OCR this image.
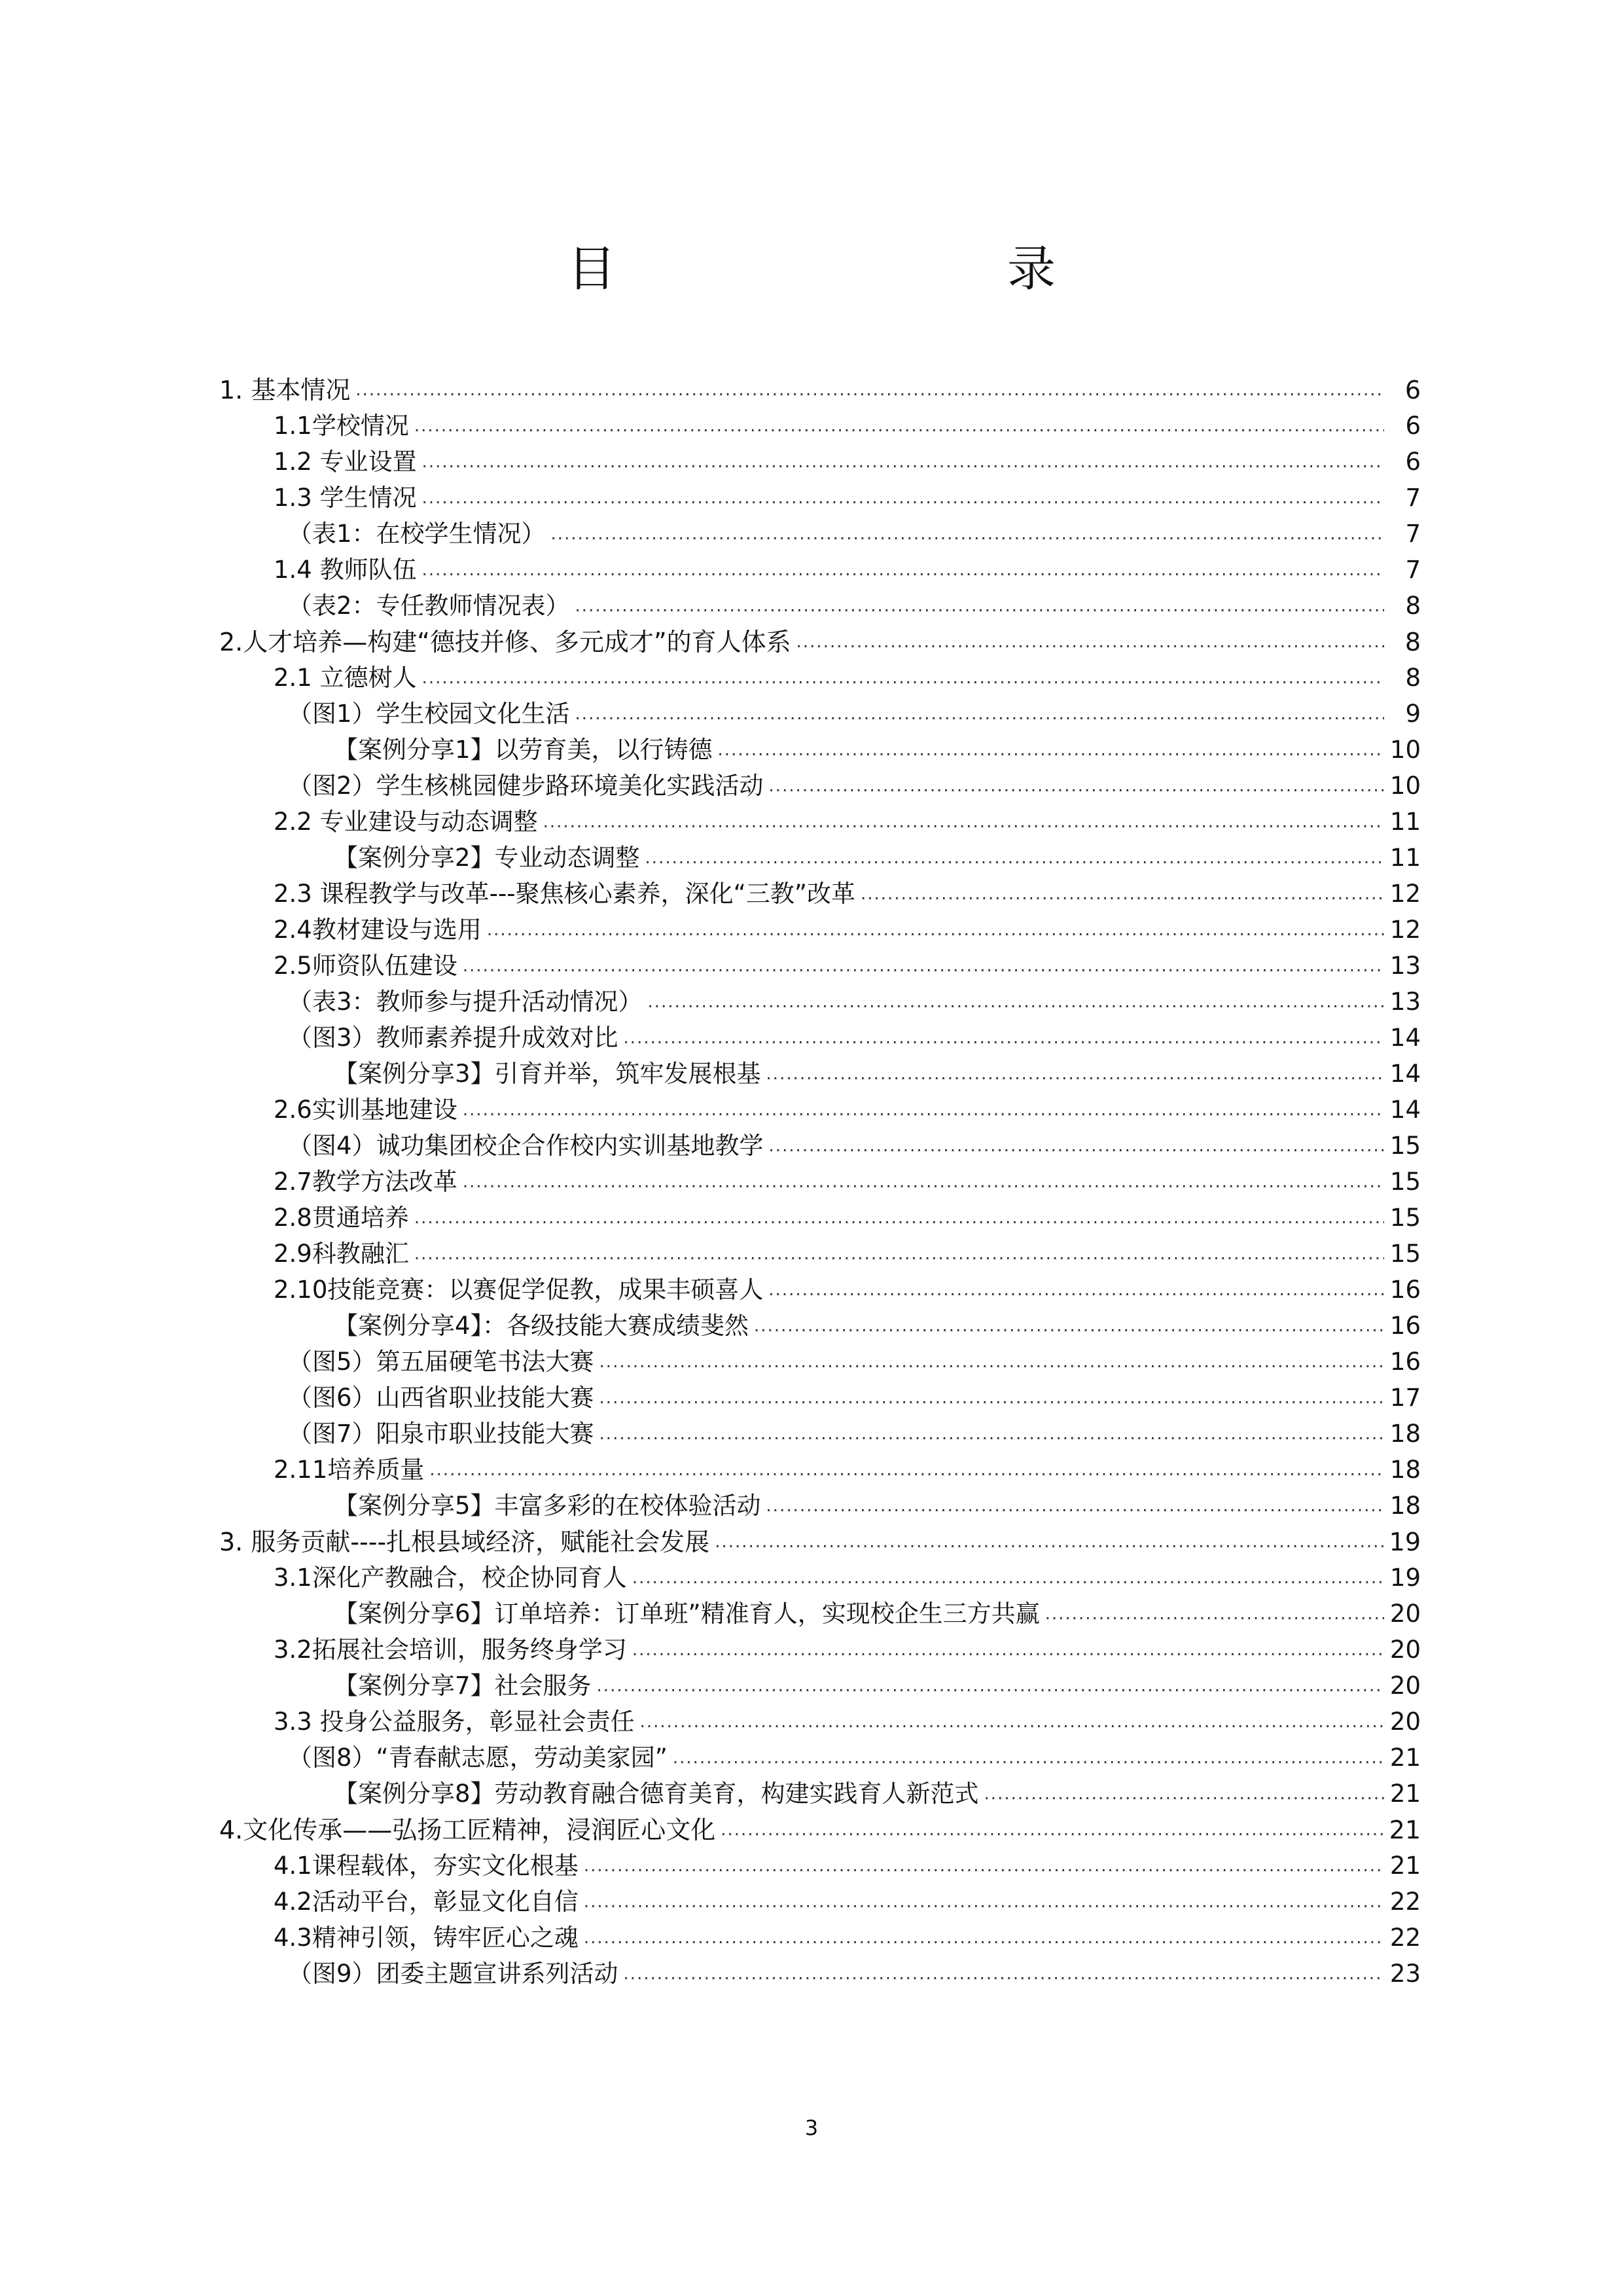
目　　录
1. 基本情况 .....	6
1.1学校情况 .....	6
1.2 专业设置 .....	6
1.3 学生情况 .....	7
（表1：在校学生情况） .....	7
1.4 教师队伍 .....	7
（表2：专任教师情况表） .....	8
2.人才培养—构建“德技并修、多元成才”的育人体系 .....	8
2.1 立德树人 .....	8
（图1）学生校园文化生活 .....	9
【案例分享1】以劳育美，以行铸德 .....	10
（图2）学生核桃园健步路环境美化实践活动 .....	10
2.2 专业建设与动态调整 .....	11
【案例分享2】专业动态调整 .....	11
2.3 课程教学与改革---聚焦核心素养，深化“三教”改革 .....	12
2.4教材建设与选用 .....	12
2.5师资队伍建设 .....	13
（表3：教师参与提升活动情况） .....	13
（图3）教师素养提升成效对比 .....	14
【案例分享3】引育并举，筑牢发展根基 .....	14
2.6实训基地建设 .....	14
（图4）诚功集团校企合作校内实训基地教学 .....	15
2.7教学方法改革 .....	15
2.8贯通培养 .....	15
2.9科教融汇 .....	15
2.10技能竞赛：以赛促学促教，成果丰硕喜人 .....	16
【案例分享4】：各级技能大赛成绩斐然 .....	16
（图5）第五届硬笔书法大赛 .....	16
（图6）山西省职业技能大赛 .....	17
（图7）阳泉市职业技能大赛 .....	18
2.11培养质量 .....	18
【案例分享5】丰富多彩的在校体验活动 .....	18
3. 服务贡献----扎根县域经济，赋能社会发展 .....	19
3.1深化产教融合，校企协同育人 .....	19
【案例分享6】订单培养：订单班”精准育人，实现校企生三方共赢 .....	20
3.2拓展社会培训，服务终身学习 .....	20
【案例分享7】社会服务 .....	20
3.3 投身公益服务，彰显社会责任 .....	20
（图8）“青春献志愿，劳动美家园” .....	21
【案例分享8】劳动教育融合德育美育，构建实践育人新范式 .....	21
4.文化传承——弘扬工匠精神，浸润匠心文化 .....	21
4.1课程载体，夯实文化根基 .....	21
4.2活动平台，彰显文化自信 .....	22
4.3精神引领，铸牢匠心之魂 .....	22
（图9）团委主题宣讲系列活动 .....	23
3
